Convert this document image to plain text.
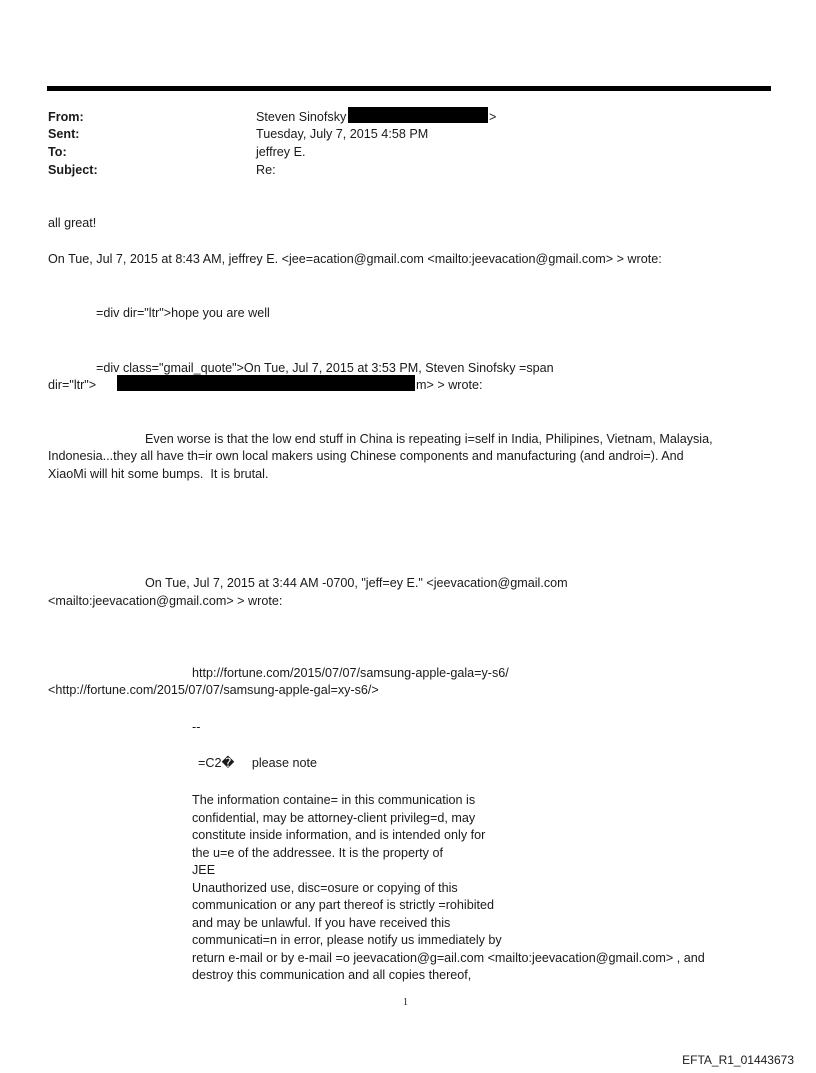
From:	Steven Sinofsky	>
Sent:	Tuesday, July 7, 2015 4:58 PM
To:	jeffrey E.
Subject:	Re:
all great!
On Tue, Jul 7, 2015 at 8:43 AM, jeffrey E. <jee=acation@gmail.com <mailto:jeevacation@gmail.com> > wrote:
=div dir="ltr">hope you are well
=div class="gmail_quote">On Tue, Jul 7, 2015 at 3:53 PM, Steven Sinofsky =span
dir="ltr">	m> > wrote:
Even worse is that the low end stuff in China is repeating i=self in India, Philipines, Vietnam, Malaysia,
Indonesia...they all have th=ir own local makers using Chinese components and manufacturing (and androi=). And
XiaoMi will hit some bumps.  It is brutal.
On Tue, Jul 7, 2015 at 3:44 AM -0700, "jeff=ey E." <jeevacation@gmail.com
<mailto:jeevacation@gmail.com> > wrote:
http://fortune.com/2015/07/07/samsung-apple-gala=y-s6/
<http://fortune.com/2015/07/07/samsung-apple-gal=xy-s6/>
--
=C2�     please note
The information containe= in this communication is
confidential, may be attorney-client privileg=d, may
constitute inside information, and is intended only for
the u=e of the addressee. It is the property of
JEE
Unauthorized use, disc=osure or copying of this
communication or any part thereof is strictly =rohibited
and may be unlawful. If you have received this
communicati=n in error, please notify us immediately by
return e-mail or by e-mail =o jeevacation@g=ail.com <mailto:jeevacation@gmail.com> , and
destroy this communication and all copies thereof,
1
EFTA_R1_01443673
